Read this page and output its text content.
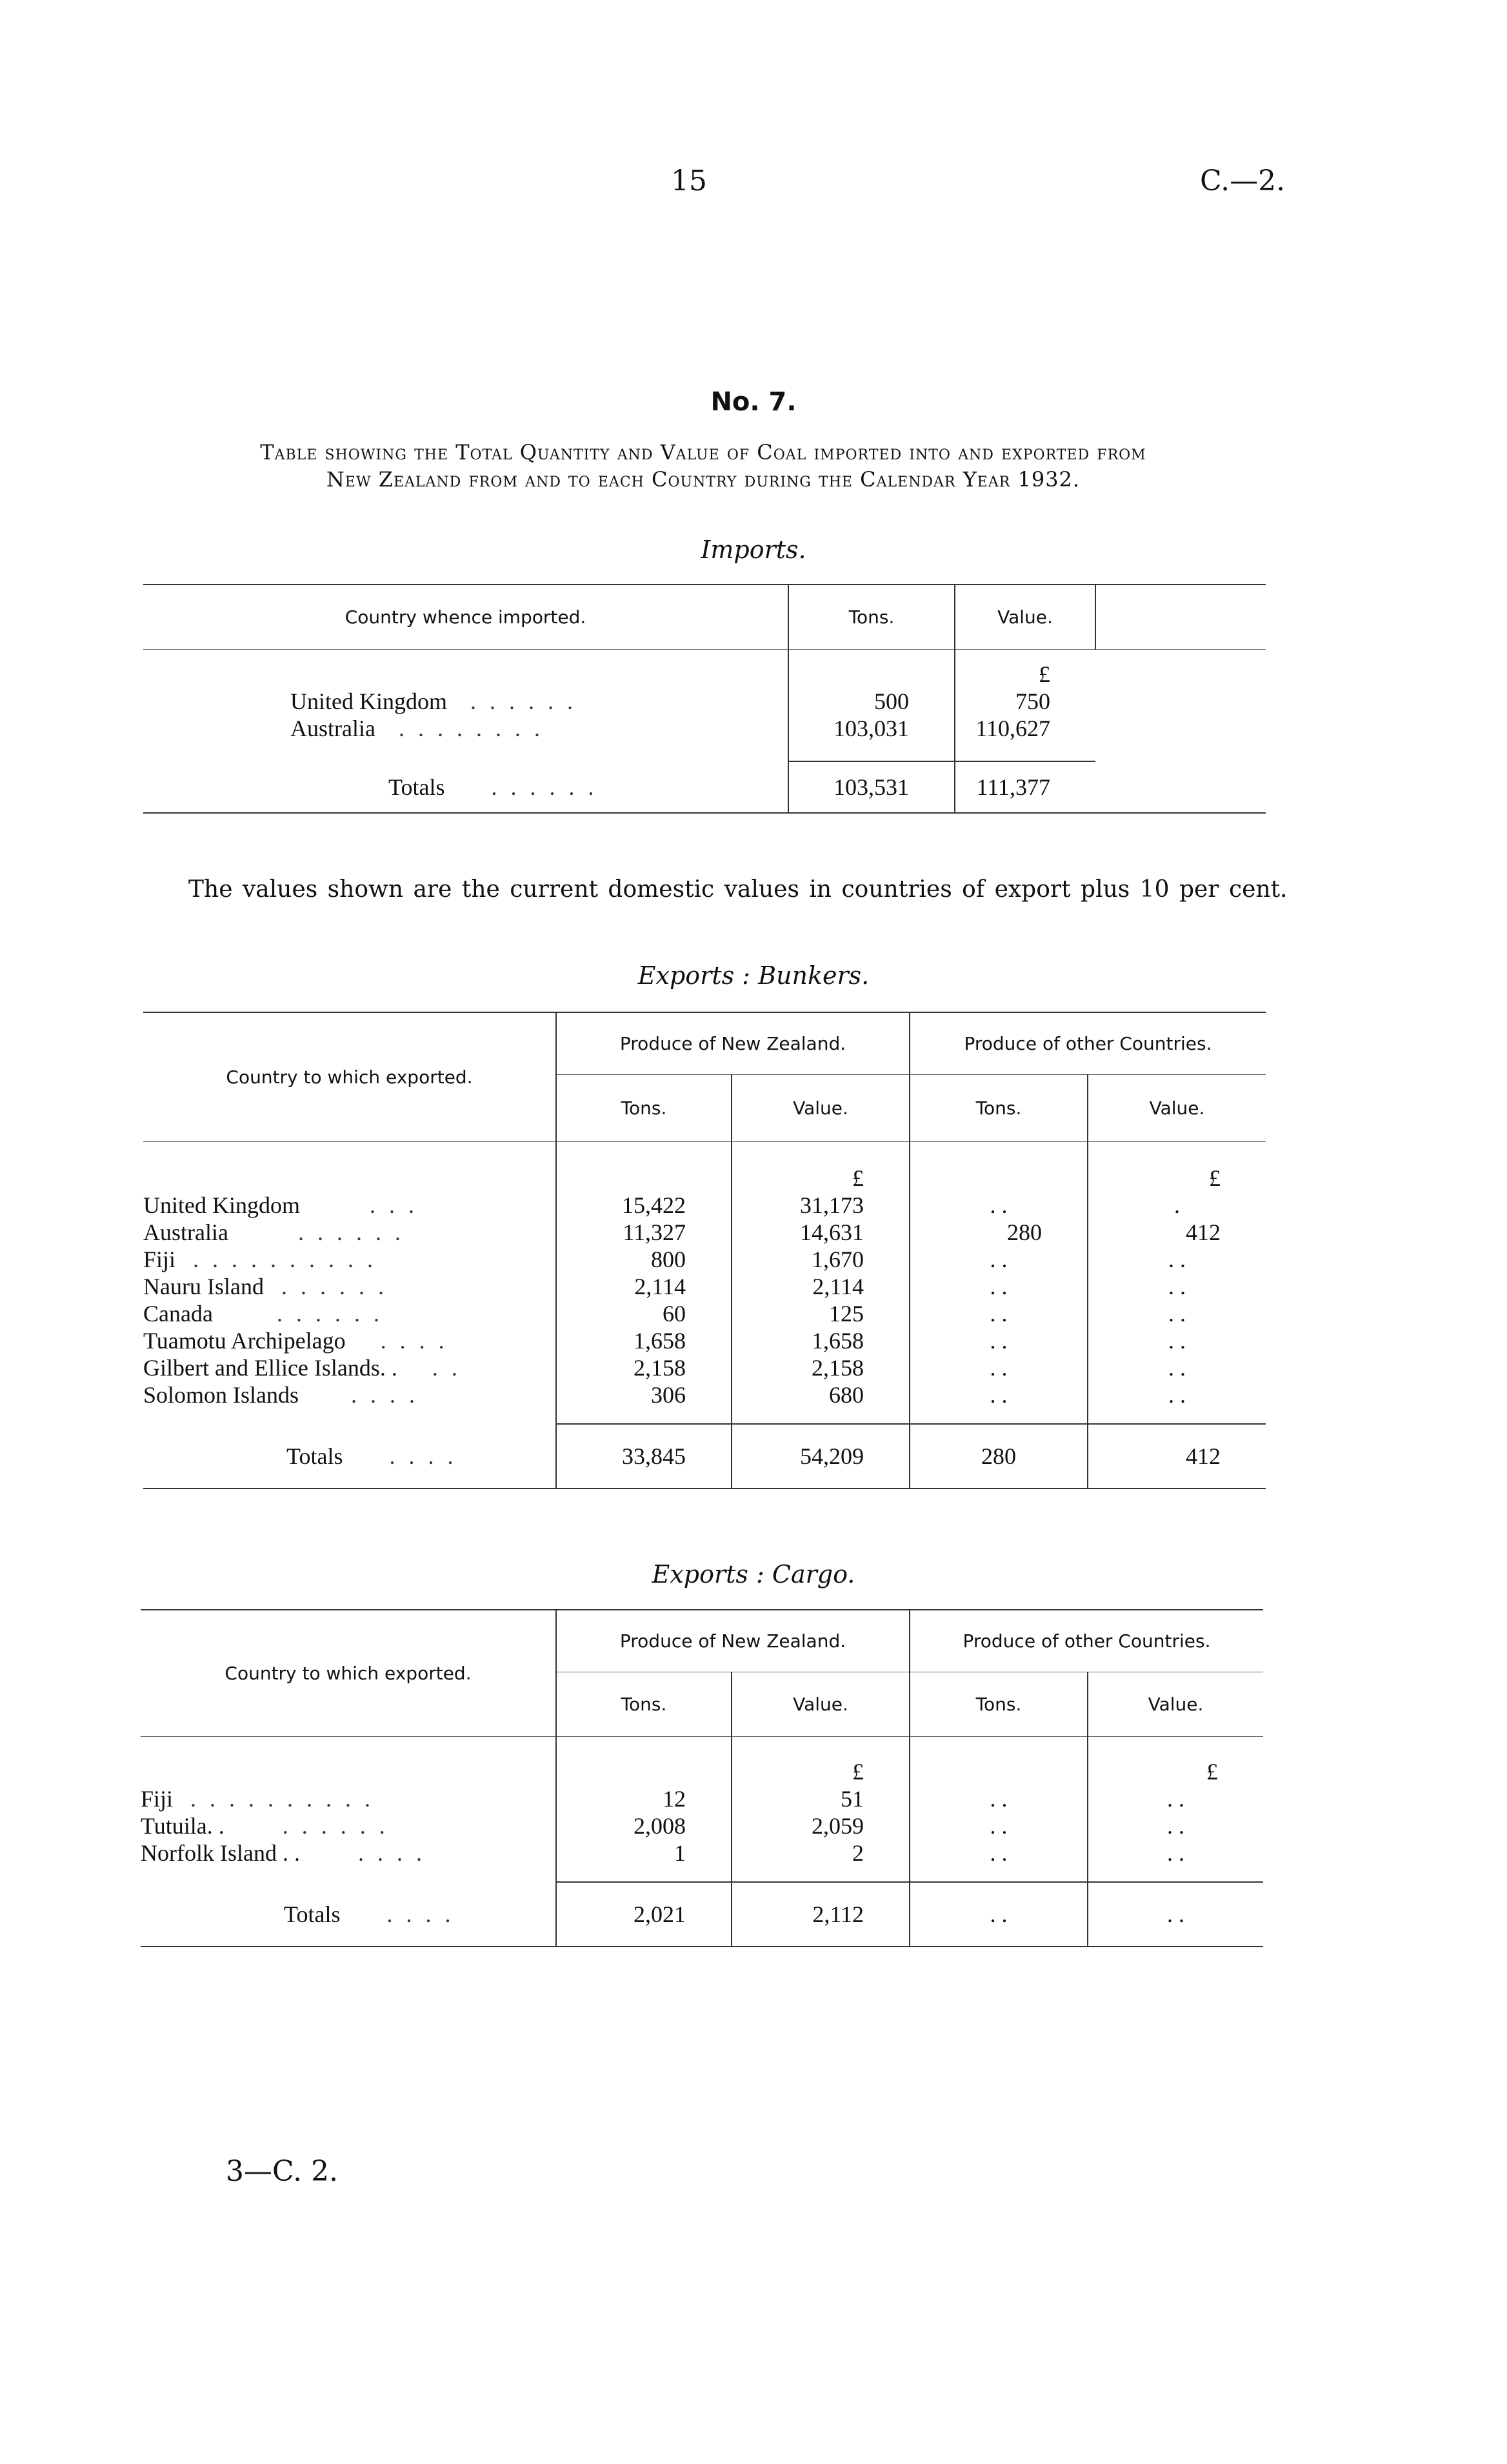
15	C.—2.
No. 7.
Table showing the Total Quantity and Value of Coal imported into and exported from
New Zealand from and to each Country during the Calendar Year 1932.
Imports.
Country whence imported.	Tons.	Value.	
		£	
United Kingdom . . . . . .	500	750	
Australia . . . . . . . .	103,031	110,627	

Totals . . . . . .	103,531	111,377	
The values shown are the current domestic values in countries of export plus 10 per cent.
Exports : Bunkers.
Country to which exported.	Produce of New Zealand.		Produce of other Countries.	
	Tons.	Value.	Tons.	Value.
		£		£
United Kingdom . . .	15,422	31,173	. .	.
Australia . . . . . .	11,327	14,631	280	412
Fiji . . . . . . . . . .	800	1,670	. .	. .
Nauru Island . . . . . .	2,114	2,114	. .	. .
Canada . . . . . .	60	125	. .	. .
Tuamotu Archipelago . . . .	1,658	1,658	. .	. .
Gilbert and Ellice Islands. . . .	2,158	2,158	. .	. .
Solomon Islands . . . .	306	680	. .	. .

Totals . . . .	33,845	54,209	280	412
Exports : Cargo.
Country to which exported.	Produce of New Zealand.		Produce of other Countries.	
	Tons.	Value.	Tons.	Value.
		£		£
Fiji . . . . . . . . . .	12	51	. .	. .
Tutuila. . . . . . . .	2,008	2,059	. .	. .
Norfolk Island . . . . . .	1	2	. .	. .

Totals . . . .	2,021	2,112	. .	. .
3—C. 2.
